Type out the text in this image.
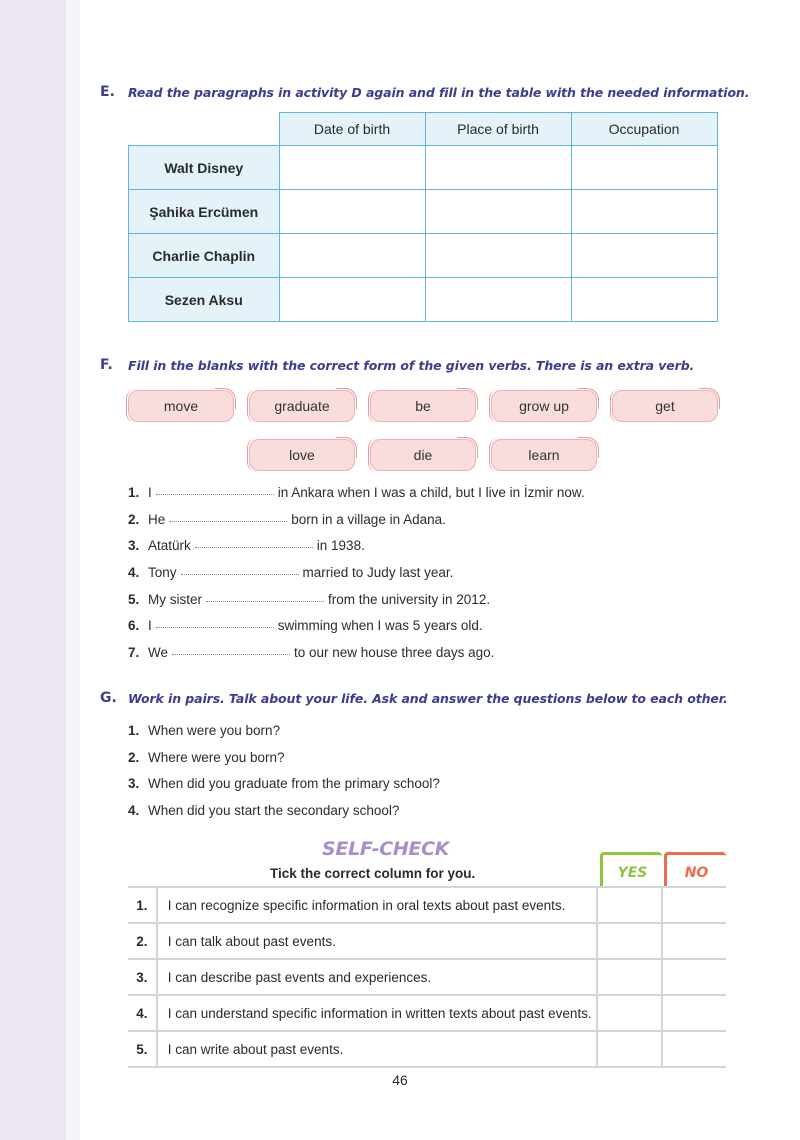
E. Read the paragraphs in activity D again and fill in the table with the needed information.
	Date of birth	Place of birth	Occupation
Walt Disney			
Şahika Ercümen			
Charlie Chaplin			
Sezen Aksu			
F. Fill in the blanks with the correct form of the given verbs. There is an extra verb.
move	graduate	be	grow up	get
love	die	learn
1. I	in Ankara when I was a child, but I live in İzmir now.
2. He	born in a village in Adana.
3. Atatürk	in 1938.
4. Tony	married to Judy last year.
5. My sister	from the university in 2012.
6. I	swimming when I was 5 years old.
7. We	to our new house three days ago.
G. Work in pairs. Talk about your life. Ask and answer the questions below to each other.
1. When were you born?
2. Where were you born?
3. When did you graduate from the primary school?
4. When did you start the secondary school?
SELF-CHECK
Tick the correct column for you.	YES	NO
1.	I can recognize specific information in oral texts about past events.		
2.	I can talk about past events.		
3.	I can describe past events and experiences.		
4.	I can understand specific information in written texts about past events.		
5.	I can write about past events.		
46
